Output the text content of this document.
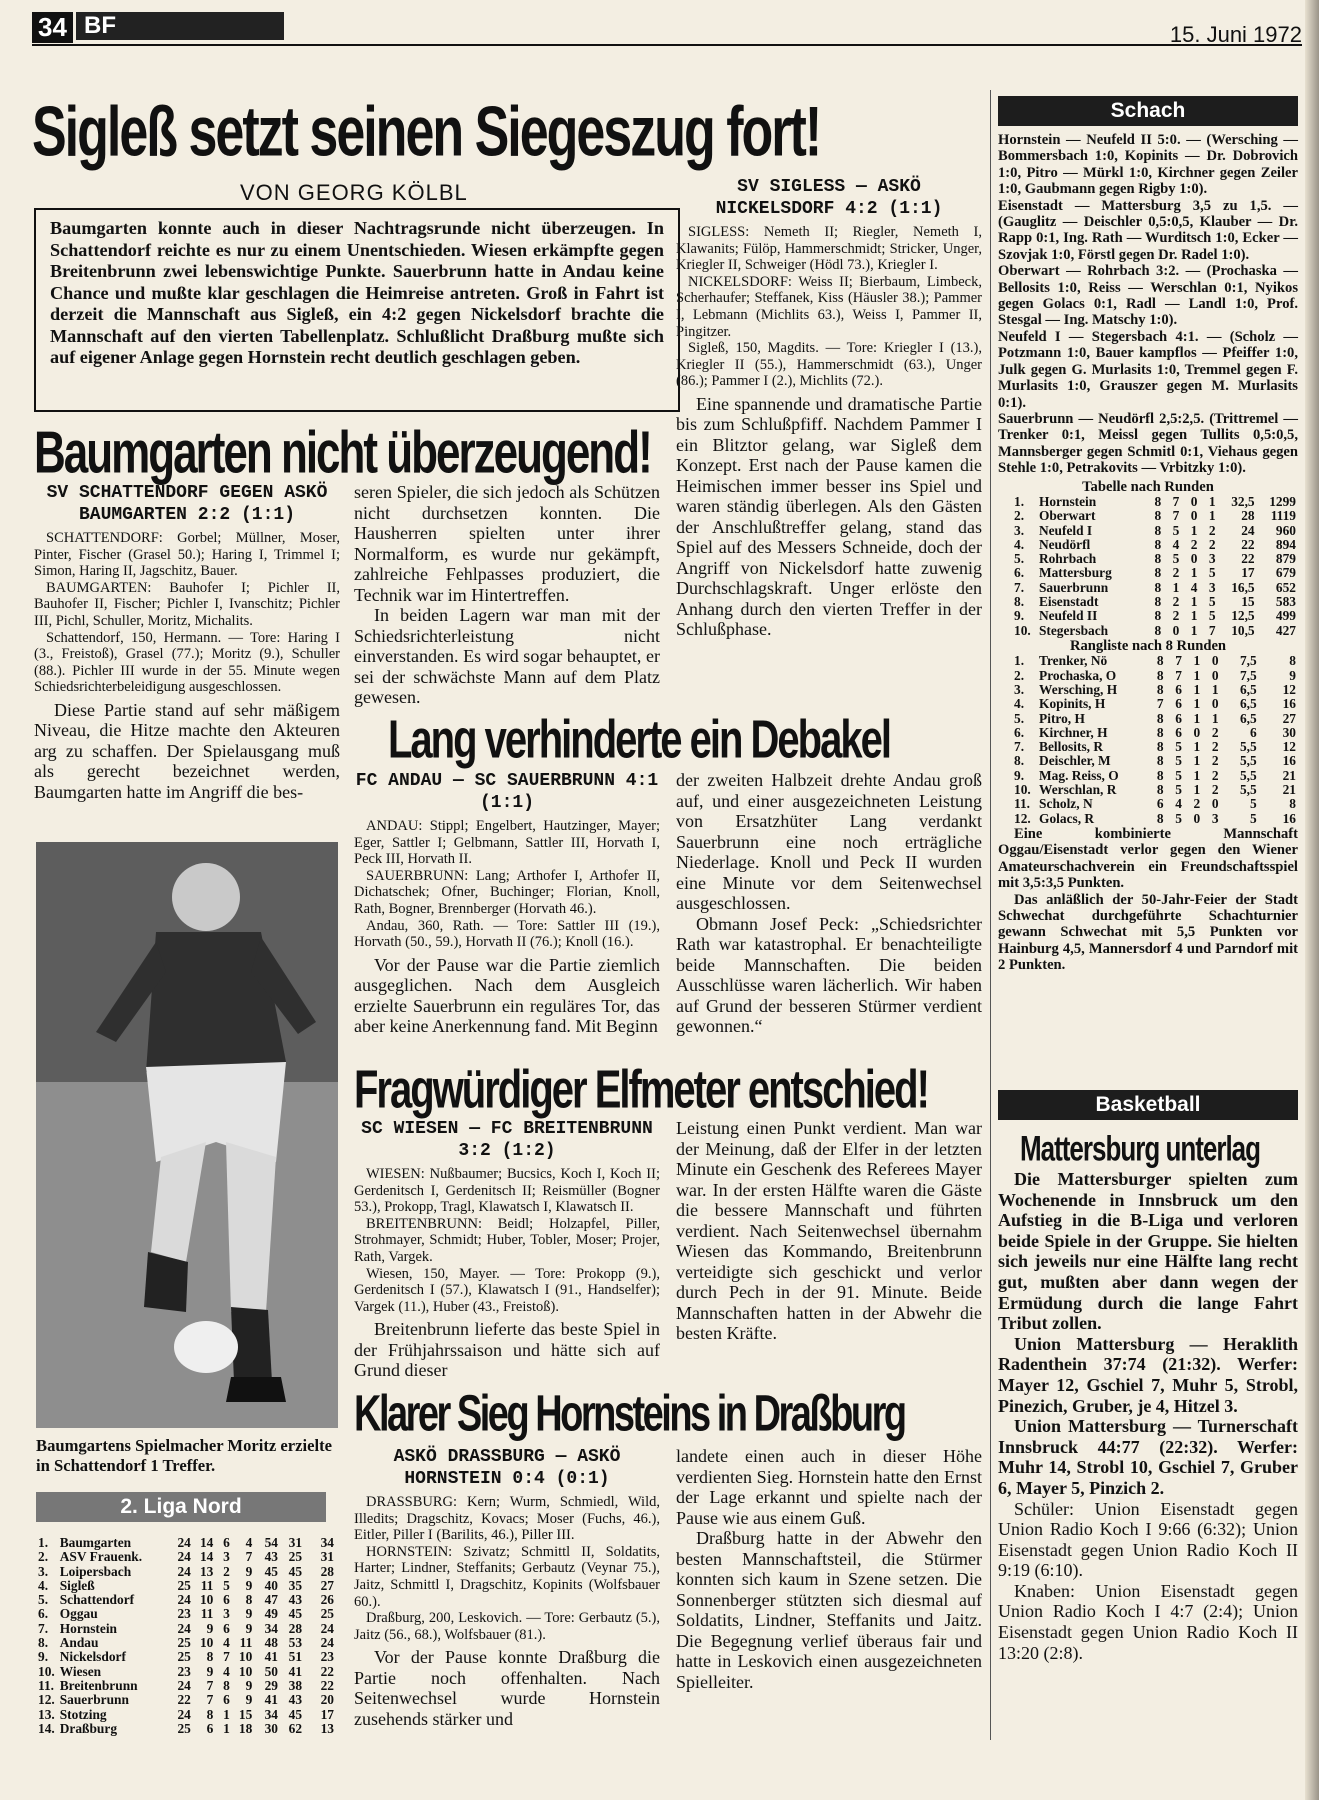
34 BF	15. Juni 1972
Sigleß setzt seinen Siegeszug fort!
VON GEORG KÖLBL
Baumgarten konnte auch in dieser Nachtragsrunde nicht überzeugen. In Schattendorf reichte es nur zu einem Unentschieden. Wiesen erkämpfte gegen Breitenbrunn zwei lebenswichtige Punkte. Sauerbrunn hatte in Andau keine Chance und mußte klar geschlagen die Heimreise antreten. Groß in Fahrt ist derzeit die Mannschaft aus Sigleß, ein 4:2 gegen Nickelsdorf brachte die Mannschaft auf den vierten Tabellenplatz. Schlußlicht Draßburg mußte sich auf eigener Anlage gegen Hornstein recht deutlich geschlagen geben.
SV SIGLESS — ASKÖ NICKELSDORF 4:2 (1:1)
SIGLESS: Nemeth II; Riegler, Nemeth I, Klawanits; Fülöp, Hammerschmidt; Stricker, Unger, Kriegler II, Schweiger (Hödl 73.), Kriegler I.
NICKELSDORF: Weiss II; Bierbaum, Limbeck, Scherhaufer; Steffanek, Kiss (Häusler 38.); Pammer I, Lebmann (Michlits 63.), Weiss I, Pammer II, Pingitzer.
Sigleß, 150, Magdits. — Tore: Kriegler I (13.), Kriegler II (55.), Hammerschmidt (63.), Unger (86.); Pammer I (2.), Michlits (72.).

Eine spannende und dramatische Partie bis zum Schlußpfiff. Nachdem Pammer I ein Blitztor gelang, war Sigleß dem Konzept. Erst nach der Pause kamen die Heimischen immer besser ins Spiel und waren ständig überlegen. Als den Gästen der Anschlußtreffer gelang, stand das Spiel auf des Messers Schneide, doch der Angriff von Nickelsdorf hatte zuwenig Durchschlagskraft. Unger erlöste den Anhang durch den vierten Treffer in der Schlußphase.

Baumgarten nicht überzeugend!
SV SCHATTENDORF GEGEN ASKÖ BAUMGARTEN 2:2 (1:1)
SCHATTENDORF: Gorbel; Müllner, Moser, Pinter, Fischer (Grasel 50.); Haring I, Trimmel I; Simon, Haring II, Jagschitz, Bauer.
BAUMGARTEN: Bauhofer I; Pichler II, Bauhofer II, Fischer; Pichler I, Ivanschitz; Pichler III, Pichl, Schuller, Moritz, Michalits.
Schattendorf, 150, Hermann. — Tore: Haring I (3., Freistoß), Grasel (77.); Moritz (9.), Schuller (88.). Pichler III wurde in der 55. Minute wegen Schiedsrichterbeleidigung ausgeschlossen.

Diese Partie stand auf sehr mäßigem Niveau, die Hitze machte den Akteuren arg zu schaffen. Der Spielausgang muß als gerecht bezeichnet werden, Baumgarten hatte im Angriff die bes-

seren Spieler, die sich jedoch als Schützen nicht durchsetzen konnten. Die Hausherren spielten unter ihrer Normalform, es wurde nur gekämpft, zahlreiche Fehlpasses produziert, die Technik war im Hintertreffen.

In beiden Lagern war man mit der Schiedsrichterleistung nicht einverstanden. Es wird sogar behauptet, er sei der schwächste Mann auf dem Platz gewesen.

Baumgartens Spielmacher Moritz erzielte in Schattendorf 1 Treffer.
2. Liga Nord
1.	Baumgarten	24	14	6	4	54	31	34
2.	ASV Frauenk.	24	14	3	7	43	25	31
3.	Loipersbach	24	13	2	9	45	45	28
4.	Sigleß	25	11	5	9	40	35	27
5.	Schattendorf	24	10	6	8	47	43	26
6.	Oggau	23	11	3	9	49	45	25
7.	Hornstein	24	9	6	9	34	28	24
8.	Andau	25	10	4	11	48	53	24
9.	Nickelsdorf	25	8	7	10	41	51	23
10.	Wiesen	23	9	4	10	50	41	22
11.	Breitenbrunn	24	7	8	9	29	38	22
12.	Sauerbrunn	22	7	6	9	41	43	20
13.	Stotzing	24	8	1	15	34	45	17
14.	Draßburg	25	6	1	18	30	62	13
Lang verhinderte ein Debakel
FC ANDAU — SC SAUERBRUNN 4:1 (1:1)
ANDAU: Stippl; Engelbert, Hautzinger, Mayer; Eger, Sattler I; Gelbmann, Sattler III, Horvath I, Peck III, Horvath II.
SAUERBRUNN: Lang; Arthofer I, Arthofer II, Dichatschek; Ofner, Buchinger; Florian, Knoll, Rath, Bogner, Brennberger (Horvath 46.).
Andau, 360, Rath. — Tore: Sattler III (19.), Horvath (50., 59.), Horvath II (76.); Knoll (16.).

Vor der Pause war die Partie ziemlich ausgeglichen. Nach dem Ausgleich erzielte Sauerbrunn ein reguläres Tor, das aber keine Anerkennung fand. Mit Beginn

der zweiten Halbzeit drehte Andau groß auf, und einer ausgezeichneten Leistung von Ersatzhüter Lang verdankt Sauerbrunn eine noch erträgliche Niederlage. Knoll und Peck II wurden eine Minute vor dem Seitenwechsel ausgeschlossen.

Obmann Josef Peck: „Schiedsrichter Rath war katastrophal. Er benachteiligte beide Mannschaften. Die beiden Ausschlüsse waren lächerlich. Wir haben auf Grund der besseren Stürmer verdient gewonnen.“

Fragwürdiger Elfmeter entschied!
SC WIESEN — FC BREITENBRUNN 3:2 (1:2)
WIESEN: Nußbaumer; Bucsics, Koch I, Koch II; Gerdenitsch I, Gerdenitsch II; Reismüller (Bogner 53.), Prokopp, Tragl, Klawatsch I, Klawatsch II.
BREITENBRUNN: Beidl; Holzapfel, Piller, Strohmayer, Schmidt; Huber, Tobler, Moser; Projer, Rath, Vargek.
Wiesen, 150, Mayer. — Tore: Prokopp (9.), Gerdenitsch I (57.), Klawatsch I (91., Handselfer); Vargek (11.), Huber (43., Freistoß).

Breitenbrunn lieferte das beste Spiel in der Frühjahrssaison und hätte sich auf Grund dieser

Leistung einen Punkt verdient. Man war der Meinung, daß der Elfer in der letzten Minute ein Geschenk des Referees Mayer war. In der ersten Hälfte waren die Gäste die bessere Mannschaft und führten verdient. Nach Seitenwechsel übernahm Wiesen das Kommando, Breitenbrunn verteidigte sich geschickt und verlor durch Pech in der 91. Minute. Beide Mannschaften hatten in der Abwehr die besten Kräfte.

Klarer Sieg Hornsteins in Draßburg
ASKÖ DRASSBURG — ASKÖ HORNSTEIN 0:4 (0:1)
DRASSBURG: Kern; Wurm, Schmiedl, Wild, Illedits; Dragschitz, Kovacs; Moser (Fuchs, 46.), Eitler, Piller I (Barilits, 46.), Piller III.
HORNSTEIN: Szivatz; Schmittl II, Soldatits, Harter; Lindner, Steffanits; Gerbautz (Veynar 75.), Jaitz, Schmittl I, Dragschitz, Kopinits (Wolfsbauer 60.).
Draßburg, 200, Leskovich. — Tore: Gerbautz (5.), Jaitz (56., 68.), Wolfsbauer (81.).

Vor der Pause konnte Draßburg die Partie noch offenhalten. Nach Seitenwechsel wurde Hornstein zusehends stärker und

landete einen auch in dieser Höhe verdienten Sieg. Hornstein hatte den Ernst der Lage erkannt und spielte nach der Pause wie aus einem Guß.

Draßburg hatte in der Abwehr den besten Mannschaftsteil, die Stürmer konnten sich kaum in Szene setzen. Die Sonnenberger stützten sich diesmal auf Soldatits, Lindner, Steffanits und Jaitz. Die Begegnung verlief überaus fair und hatte in Leskovich einen ausgezeichneten Spielleiter.

Schach
Hornstein — Neufeld II 5:0. — (Wersching — Bommersbach 1:0, Kopinits — Dr. Dobrovich 1:0, Pitro — Mürkl 1:0, Kirchner gegen Zeiler 1:0, Gaubmann gegen Rigby 1:0).
Eisenstadt — Mattersburg 3,5 zu 1,5. — (Gauglitz — Deischler 0,5:0,5, Klauber — Dr. Rapp 0:1, Ing. Rath — Wurditsch 1:0, Ecker — Szovjak 1:0, Förstl gegen Dr. Radel 1:0).
Oberwart — Rohrbach 3:2. — (Prochaska — Bellosits 1:0, Reiss — Werschlan 0:1, Nyikos gegen Golacs 0:1, Radl — Landl 1:0, Prof. Stesgal — Ing. Matschy 1:0).
Neufeld I — Stegersbach 4:1. — (Scholz — Potzmann 1:0, Bauer kampflos — Pfeiffer 1:0, Julk gegen G. Murlasits 1:0, Tremmel gegen F. Murlasits 1:0, Grauszer gegen M. Murlasits 0:1).
Sauerbrunn — Neudörfl 2,5:2,5. (Trittremel — Trenker 0:1, Meissl gegen Tullits 0,5:0,5, Mannsberger gegen Schmitl 0:1, Viehaus gegen Stehle 1:0, Petrakovits — Vrbitzky 1:0).
Tabelle nach Runden
1.	Hornstein	8	7	0	1	32,5	1299
2.	Oberwart	8	7	0	1	28	1119
3.	Neufeld I	8	5	1	2	24	960
4.	Neudörfl	8	4	2	2	22	894
5.	Rohrbach	8	5	0	3	22	879
6.	Mattersburg	8	2	1	5	17	679
7.	Sauerbrunn	8	1	4	3	16,5	652
8.	Eisenstadt	8	2	1	5	15	583
9.	Neufeld II	8	2	1	5	12,5	499
10.	Stegersbach	8	0	1	7	10,5	427
Rangliste nach 8 Runden
1.	Trenker, Nö	8	7	1	0	7,5	8
2.	Prochaska, O	8	7	1	0	7,5	9
3.	Wersching, H	8	6	1	1	6,5	12
4.	Kopinits, H	7	6	1	0	6,5	16
5.	Pitro, H	8	6	1	1	6,5	27
6.	Kirchner, H	8	6	0	2	6	30
7.	Bellosits, R	8	5	1	2	5,5	12
8.	Deischler, M	8	5	1	2	5,5	16
9.	Mag. Reiss, O	8	5	1	2	5,5	21
10.	Werschlan, R	8	5	1	2	5,5	21
11.	Scholz, N	6	4	2	0	5	8
12.	Golacs, R	8	5	0	3	5	16
Eine kombinierte Mannschaft Oggau/Eisenstadt verlor gegen den Wiener Amateurschachverein ein Freundschaftsspiel mit 3,5:3,5 Punkten.
Das anläßlich der 50-Jahr-Feier der Stadt Schwechat durchgeführte Schachturnier gewann Schwechat mit 5,5 Punkten vor Hainburg 4,5, Mannersdorf 4 und Parndorf mit 2 Punkten.
Basketball
Mattersburg unterlag
Die Mattersburger spielten zum Wochenende in Innsbruck um den Aufstieg in die B-Liga und verloren beide Spiele in der Gruppe. Sie hielten sich jeweils nur eine Hälfte lang recht gut, mußten aber dann wegen der Ermüdung durch die lange Fahrt Tribut zollen.
Union Mattersburg — Heraklith Radenthein 37:74 (21:32). Werfer: Mayer 12, Gschiel 7, Muhr 5, Strobl, Pinezich, Gruber, je 4, Hitzel 3.
Union Mattersburg — Turnerschaft Innsbruck 44:77 (22:32). Werfer: Muhr 14, Strobl 10, Gschiel 7, Gruber 6, Mayer 5, Pinzich 2.
Schüler: Union Eisenstadt gegen Union Radio Koch I 9:66 (6:32); Union Eisenstadt gegen Union Radio Koch II 9:19 (6:10).
Knaben: Union Eisenstadt gegen Union Radio Koch I 4:7 (2:4); Union Eisenstadt gegen Union Radio Koch II 13:20 (2:8).
